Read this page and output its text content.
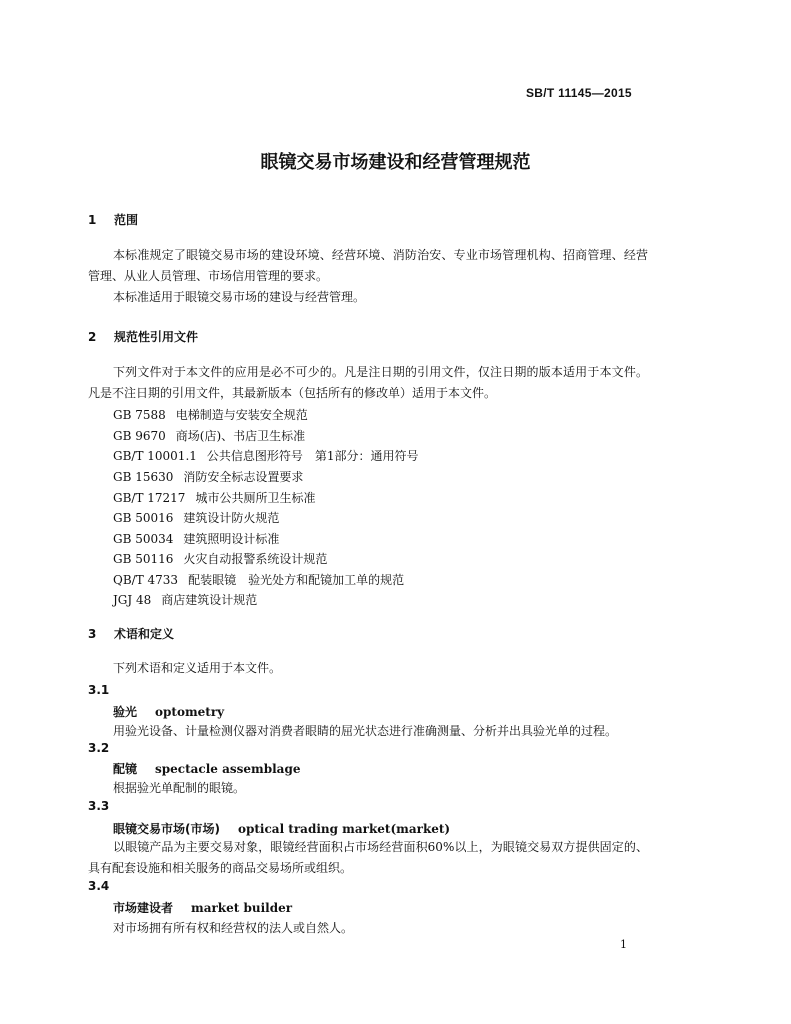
SB/T 11145—2015
眼镜交易市场建设和经营管理规范
1 范围
本标准规定了眼镜交易市场的建设环境、经营环境、消防治安、专业市场管理机构、招商管理、经营管理、从业人员管理、市场信用管理的要求。
本标准适用于眼镜交易市场的建设与经营管理。
2 规范性引用文件
下列文件对于本文件的应用是必不可少的。凡是注日期的引用文件，仅注日期的版本适用于本文件。凡是不注日期的引用文件，其最新版本（包括所有的修改单）适用于本文件。
GB 7588 电梯制造与安装安全规范
GB 9670 商场(店)、书店卫生标准
GB/T 10001.1 公共信息图形符号　第1部分：通用符号
GB 15630 消防安全标志设置要求
GB/T 17217 城市公共厕所卫生标准
GB 50016 建筑设计防火规范
GB 50034 建筑照明设计标准
GB 50116 火灾自动报警系统设计规范
QB/T 4733 配装眼镜　验光处方和配镜加工单的规范
JGJ 48 商店建筑设计规范
3 术语和定义
下列术语和定义适用于本文件。
3.1
验光 optometry
用验光设备、计量检测仪器对消费者眼睛的屈光状态进行准确测量、分析并出具验光单的过程。
3.2
配镜 spectacle assemblage
根据验光单配制的眼镜。
3.3
眼镜交易市场(市场) optical trading market(market)
以眼镜产品为主要交易对象，眼镜经营面积占市场经营面积60%以上，为眼镜交易双方提供固定的、具有配套设施和相关服务的商品交易场所或组织。
3.4
市场建设者 market builder
对市场拥有所有权和经营权的法人或自然人。
1
